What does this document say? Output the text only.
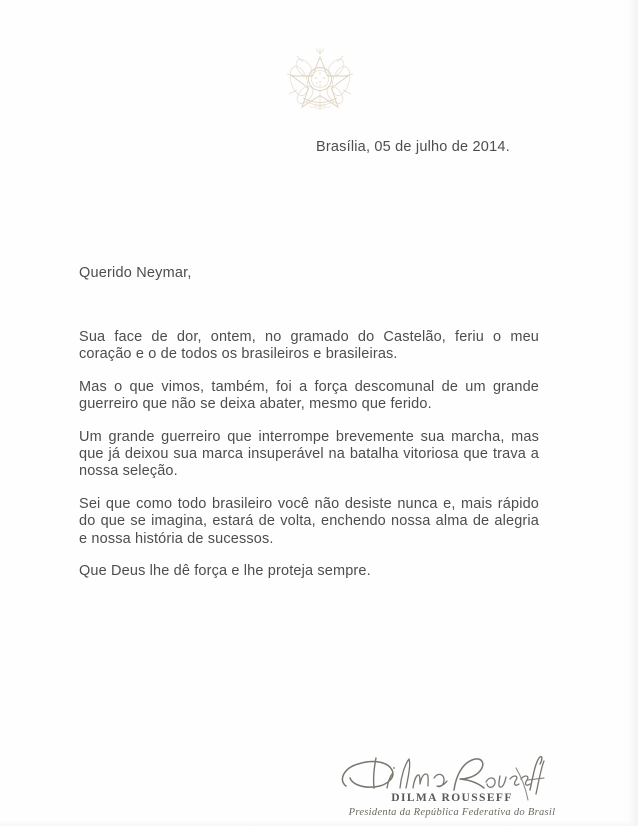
Brasília, 05 de julho de 2014.
Querido Neymar,

Sua face de dor, ontem, no gramado do Castelão, feriu o meu coração e o de todos os brasileiros e brasileiras.

Mas o que vimos, também, foi a força descomunal de um grande guerreiro que não se deixa abater, mesmo que ferido.

Um grande guerreiro que interrompe brevemente sua marcha, mas que já deixou sua marca insuperável na batalha vitoriosa que trava a nossa seleção.

Sei que como todo brasileiro você não desiste nunca e, mais rápido do que se imagina, estará de volta, enchendo nossa alma de alegria e nossa história de sucessos.

Que Deus lhe dê força e lhe proteja sempre.

DILMA ROUSSEFF
Presidenta da República Federativa do Brasil
